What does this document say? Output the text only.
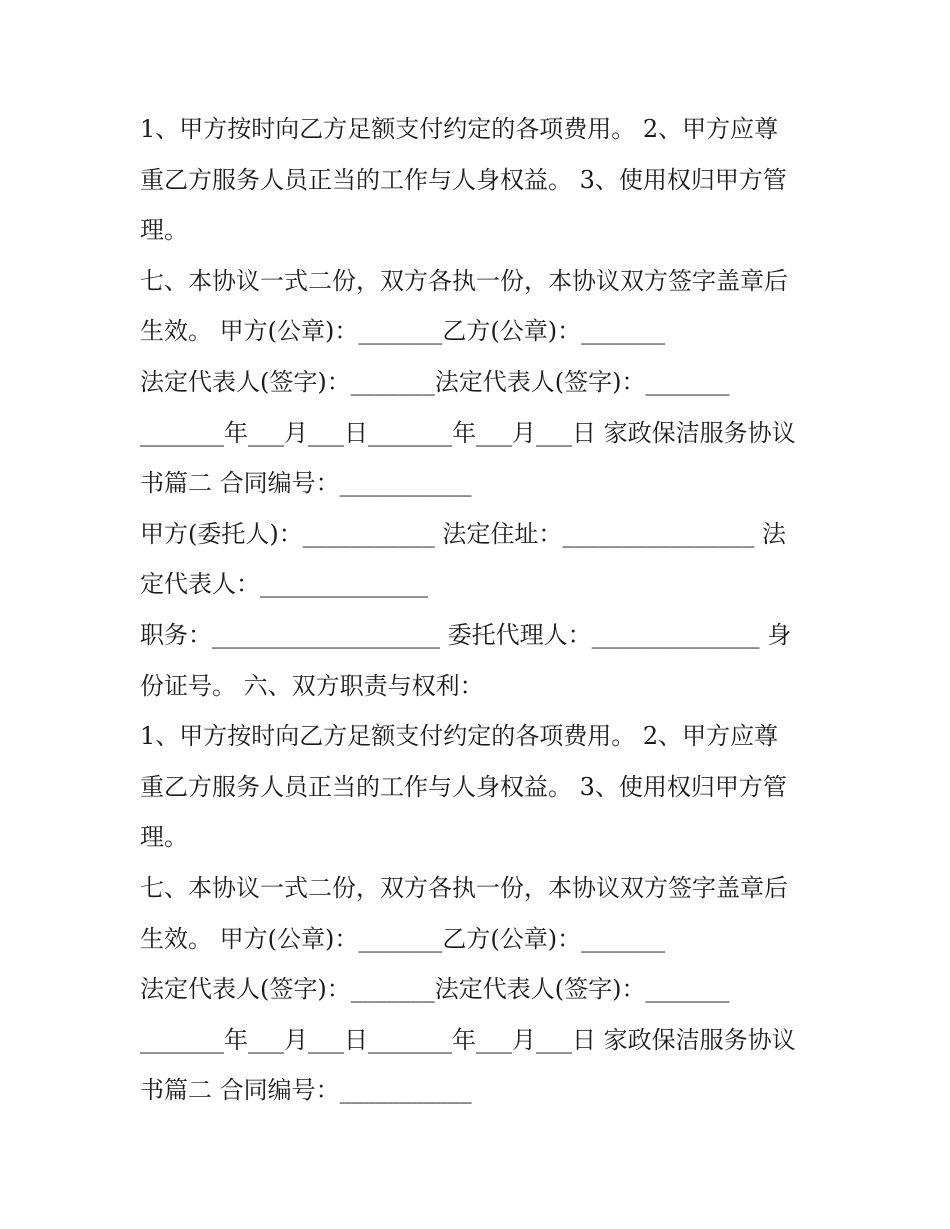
1、甲方按时向乙方足额支付约定的各项费用。 2、甲方应尊
重乙方服务人员正当的工作与人身权益。 3、使用权归甲方管
理。
七、本协议一式二份，双方各执一份，本协议双方签字盖章后
生效。 甲方(公章)：_______乙方(公章)：_______
法定代表人(签字)：_______法定代表人(签字)：_______
_______年___月___日_______年___月___日 家政保洁服务协议
书篇二 合同编号：___________
甲方(委托人)：___________ 法定住址：________________ 法
定代表人：______________
职务：___________________ 委托代理人：______________ 身
份证号。 六、双方职责与权利：
1、甲方按时向乙方足额支付约定的各项费用。 2、甲方应尊
重乙方服务人员正当的工作与人身权益。 3、使用权归甲方管
理。
七、本协议一式二份，双方各执一份，本协议双方签字盖章后
生效。 甲方(公章)：_______乙方(公章)：_______
法定代表人(签字)：_______法定代表人(签字)：_______
_______年___月___日_______年___月___日 家政保洁服务协议
书篇二 合同编号：___________
